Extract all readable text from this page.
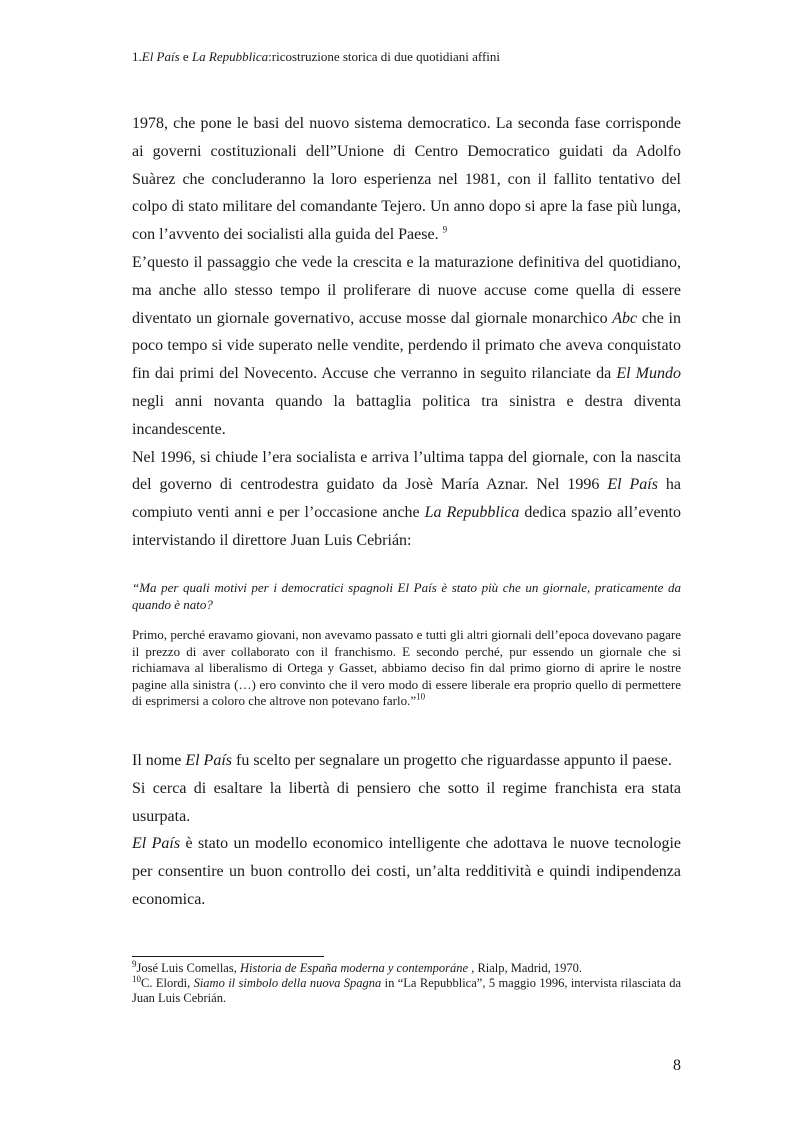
1.El País e La Repubblica:ricostruzione storica di due quotidiani affini

1978, che pone le basi del nuovo sistema democratico. La seconda fase corrisponde ai governi costituzionali dell”Unione di Centro Democratico guidati da Adolfo Suàrez che concluderanno la loro esperienza nel 1981, con il fallito tentativo del colpo di stato militare del comandante Tejero. Un anno dopo si apre la fase più lunga, con l’avvento dei socialisti alla guida del Paese. $^9$

E’questo il passaggio che vede la crescita e la maturazione definitiva del quotidiano, ma anche allo stesso tempo il proliferare di nuove accuse come quella di essere diventato un giornale governativo, accuse mosse dal giornale monarchico Abc che in poco tempo si vide superato nelle vendite, perdendo il primato che aveva conquistato fin dai primi del Novecento. Accuse che verranno in seguito rilanciate da El Mundo negli anni novanta quando la battaglia politica tra sinistra e destra diventa incandescente.

Nel 1996, si chiude l’era socialista e arriva l’ultima tappa del giornale, con la nascita del governo di centrodestra guidato da Josè María Aznar. Nel 1996 El País ha compiuto venti anni e per l’occasione anche La Repubblica dedica spazio all’evento intervistando il direttore Juan Luis Cebrián:

“Ma per quali motivi per i democratici spagnoli El País è stato più che un giornale, praticamente da quando è nato?

Primo, perché eravamo giovani, non avevamo passato e tutti gli altri giornali dell’epoca dovevano pagare il prezzo di aver collaborato con il franchismo. E secondo perché, pur essendo un giornale che si richiamava al liberalismo di Ortega y Gasset, abbiamo deciso fin dal primo giorno di aprire le nostre pagine alla sinistra (…) ero convinto che il vero modo di essere liberale era proprio quello di permettere di esprimersi a coloro che altrove non potevano farlo.”$^{10}$

Il nome El País fu scelto per segnalare un progetto che riguardasse appunto il paese.

Si cerca di esaltare la libertà di pensiero che sotto il regime franchista era stata usurpata.

El País è stato un modello economico intelligente che adottava le nuove tecnologie per consentire un buon controllo dei costi, un’alta redditività e quindi indipendenza economica.

$^9$José Luis Comellas, Historia de España moderna y contemporáne , Rialp, Madrid, 1970.

$^{10}$C. Elordi, Siamo il simbolo della nuova Spagna in “La Repubblica”, 5 maggio 1996, intervista rilasciata da Juan Luis Cebrián.

8
